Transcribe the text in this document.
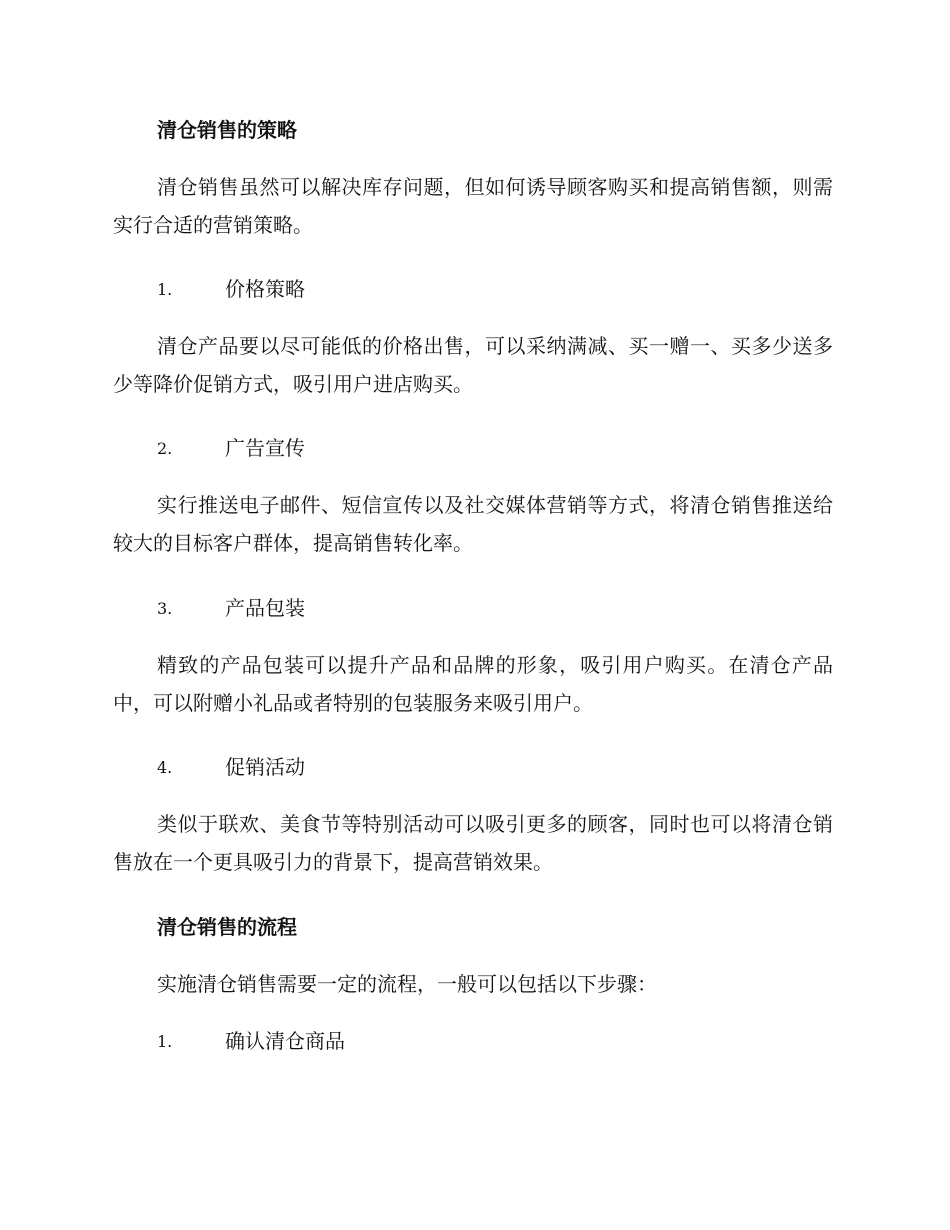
清仓销售的策略
清仓销售虽然可以解决库存问题，但如何诱导顾客购买和提高销售额，则需实行合适的营销策略。
1.	价格策略
清仓产品要以尽可能低的价格出售，可以采纳满减、买一赠一、买多少送多少等降价促销方式，吸引用户进店购买。
2.	广告宣传
实行推送电子邮件、短信宣传以及社交媒体营销等方式，将清仓销售推送给较大的目标客户群体，提高销售转化率。
3.	产品包装
精致的产品包装可以提升产品和品牌的形象，吸引用户购买。在清仓产品中，可以附赠小礼品或者特别的包装服务来吸引用户。
4.	促销活动
类似于联欢、美食节等特别活动可以吸引更多的顾客，同时也可以将清仓销售放在一个更具吸引力的背景下，提高营销效果。
清仓销售的流程
实施清仓销售需要一定的流程，一般可以包括以下步骤：
1.	确认清仓商品
